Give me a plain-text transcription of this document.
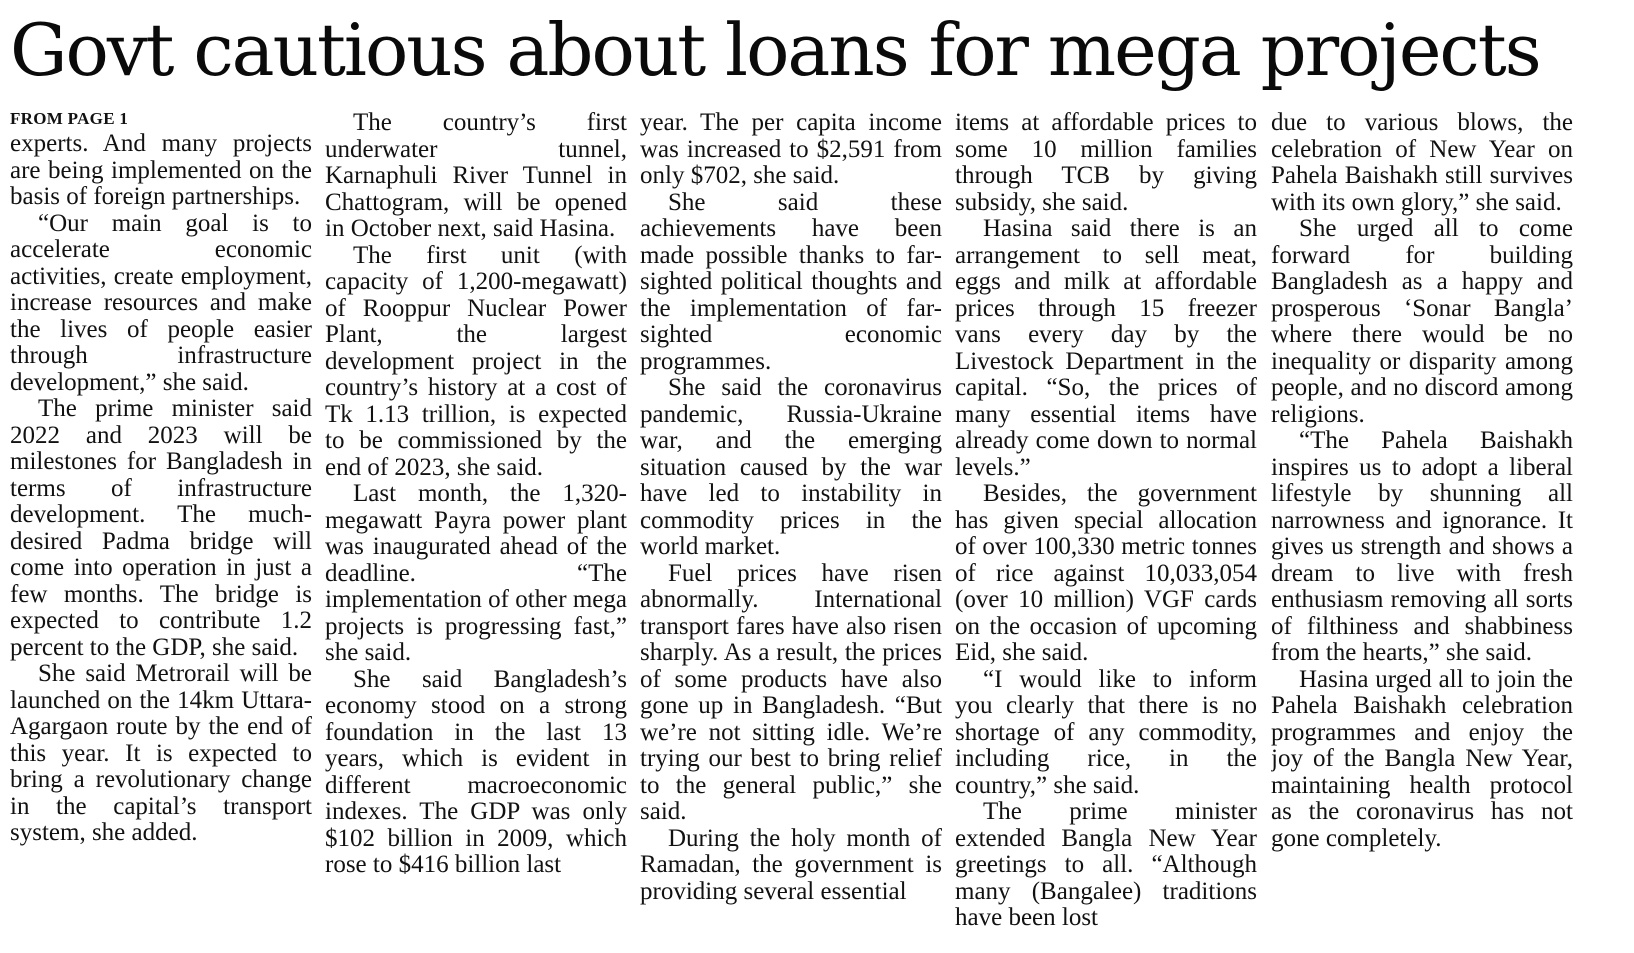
Govt cautious about loans for mega projects
FROM PAGE 1

experts. And many projects are being implemented on the basis of foreign partnerships.

“Our main goal is to accelerate economic activities, create employment, increase resources and make the lives of people easier through infrastructure development,” she said.

The prime minister said 2022 and 2023 will be milestones for Bangladesh in terms of infrastructure development. The much-desired Padma bridge will come into operation in just a few months. The bridge is expected to contribute 1.2 percent to the GDP, she said.

She said Metrorail will be launched on the 14km Uttara-Agargaon route by the end of this year. It is expected to bring a revolutionary change in the capital’s transport system, she added.

The country’s first underwater tunnel, Karnaphuli River Tunnel in Chattogram, will be opened in October next, said Hasina.

The first unit (with capacity of 1,200-megawatt) of Rooppur Nuclear Power Plant, the largest development project in the country’s history at a cost of Tk 1.13 trillion, is expected to be commissioned by the end of 2023, she said.

Last month, the 1,320-megawatt Payra power plant was inaugurated ahead of the deadline. “The implementation of other mega projects is progressing fast,” she said.

She said Bangladesh’s economy stood on a strong foundation in the last 13 years, which is evident in different macroeconomic indexes. The GDP was only $102 billion in 2009, which rose to $416 billion last

year. The per capita income was increased to $2,591 from only $702, she said.

She said these achievements have been made possible thanks to far-sighted political thoughts and the implementation of far-sighted economic programmes.

She said the coronavirus pandemic, Russia-Ukraine war, and the emerging situation caused by the war have led to instability in commodity prices in the world market.

Fuel prices have risen abnormally. International transport fares have also risen sharply. As a result, the prices of some products have also gone up in Bangladesh. “But we’re not sitting idle. We’re trying our best to bring relief to the general public,” she said.

During the holy month of Ramadan, the government is providing several essential

items at affordable prices to some 10 million families through TCB by giving subsidy, she said.

Hasina said there is an arrangement to sell meat, eggs and milk at affordable prices through 15 freezer vans every day by the Livestock Department in the capital. “So, the prices of many essential items have already come down to normal levels.”

Besides, the government has given special allocation of over 100,330 metric tonnes of rice against 10,033,054 (over 10 million) VGF cards on the occasion of upcoming Eid, she said.

“I would like to inform you clearly that there is no shortage of any commodity, including rice, in the country,” she said.

The prime minister extended Bangla New Year greetings to all. “Although many (Bangalee) traditions have been lost

due to various blows, the celebration of New Year on Pahela Baishakh still survives with its own glory,” she said.

She urged all to come forward for building Bangladesh as a happy and prosperous ‘Sonar Bangla’ where there would be no inequality or disparity among people, and no discord among religions.

“The Pahela Baishakh inspires us to adopt a liberal lifestyle by shunning all narrowness and ignorance. It gives us strength and shows a dream to live with fresh enthusiasm removing all sorts of filthiness and shabbiness from the hearts,” she said.

Hasina urged all to join the Pahela Baishakh celebration programmes and enjoy the joy of the Bangla New Year, maintaining health protocol as the coronavirus has not gone completely.
